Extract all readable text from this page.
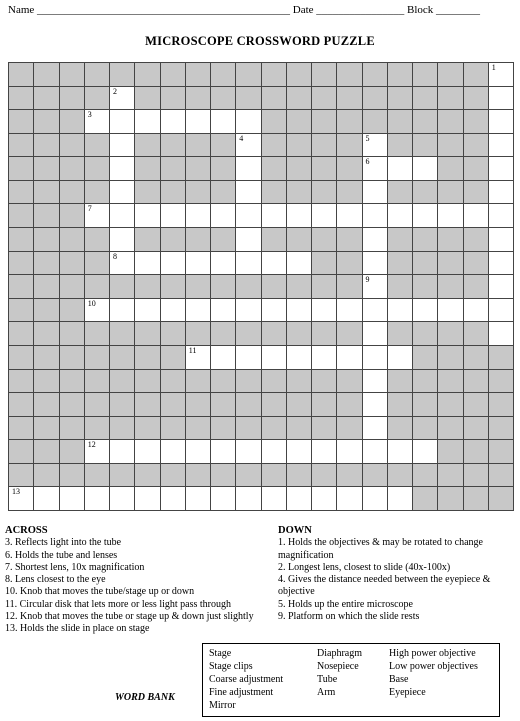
Name ______________________________________________ Date ________________ Block ________
MICROSCOPE CROSSWORD PUZZLE
1
2
3
4	5
6
7
8
9
10
11
12
13
ACROSS
3. Reflects light into the tube
6. Holds the tube and lenses
7. Shortest lens, 10x magnification
8. Lens closest to the eye
10. Knob that moves the tube/stage up or down
11. Circular disk that lets more or less light pass through
12. Knob that moves the tube or stage up & down just slightly
13. Holds the slide in place on stage
DOWN
1. Holds the objectives & may be rotated to change magnification
2. Longest lens, closest to slide (40x-100x)
4. Gives the distance needed between the eyepiece & objective
5. Holds up the entire microscope
9. Platform on which the slide rests
Stage
Stage clips
Coarse adjustment
Fine adjustment
Mirror
Diaphragm
Nosepiece
Tube
Arm
High power objective
Low power objectives
Base
Eyepiece
WORD BANK
